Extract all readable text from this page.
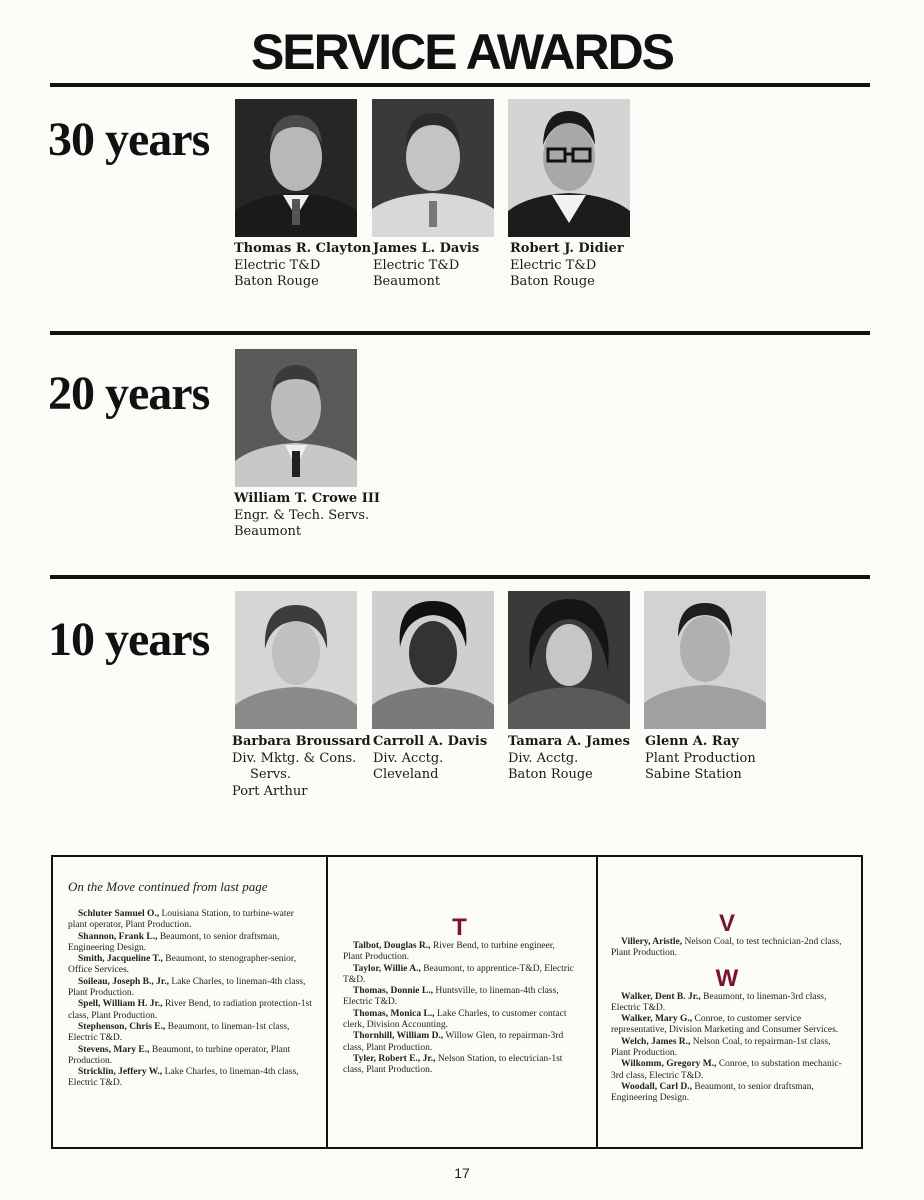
SERVICE AWARDS
30 years
Thomas R. Clayton
Electric T&D
Baton Rouge
James L. Davis
Electric T&D
Beaumont
Robert J. Didier
Electric T&D
Baton Rouge
20 years
William T. Crowe III
Engr. & Tech. Servs.
Beaumont
10 years
Barbara Broussard
Div. Mktg. & Cons.
Servs.
Port Arthur
Carroll A. Davis
Div. Acctg.
Cleveland
Tamara A. James
Div. Acctg.
Baton Rouge
Glenn A. Ray
Plant Production
Sabine Station
On the Move continued from last page

Schluter Samuel O., Louisiana Station, to turbine-water plant operator, Plant Production.

Shannon, Frank L., Beaumont, to senior draftsman, Engineering Design.

Smith, Jacqueline T., Beaumont, to stenographer-senior, Office Services.

Soileau, Joseph B., Jr., Lake Charles, to lineman-4th class, Plant Production.

Spell, William H. Jr., River Bend, to radiation protection-1st class, Plant Production.

Stephenson, Chris E., Beaumont, to lineman-1st class, Electric T&D.

Stevens, Mary E., Beaumont, to turbine operator, Plant Production.

Stricklin, Jeffery W., Lake Charles, to lineman-4th class, Electric T&D.

T

Talbot, Douglas R., River Bend, to turbine engineer, Plant Production.

Taylor, Willie A., Beaumont, to apprentice-T&D, Electric T&D.

Thomas, Donnie L., Huntsville, to lineman-4th class, Electric T&D.

Thomas, Monica L., Lake Charles, to customer contact clerk, Division Accounting.

Thornhill, William D., Willow Glen, to repairman-3rd class, Plant Production.

Tyler, Robert E., Jr., Nelson Station, to electrician-1st class, Plant Production.

V

Villery, Aristle, Nelson Coal, to test technician-2nd class, Plant Production.

W

Walker, Dent B. Jr., Beaumont, to lineman-3rd class, Electric T&D.

Walker, Mary G., Conroe, to customer service representative, Division Marketing and Consumer Services.

Welch, James R., Nelson Coal, to repairman-1st class, Plant Production.

Wilkomm, Gregory M., Conroe, to substation mechanic-3rd class, Electric T&D.

Woodall, Carl D., Beaumont, to senior draftsman, Engineering Design.

17
